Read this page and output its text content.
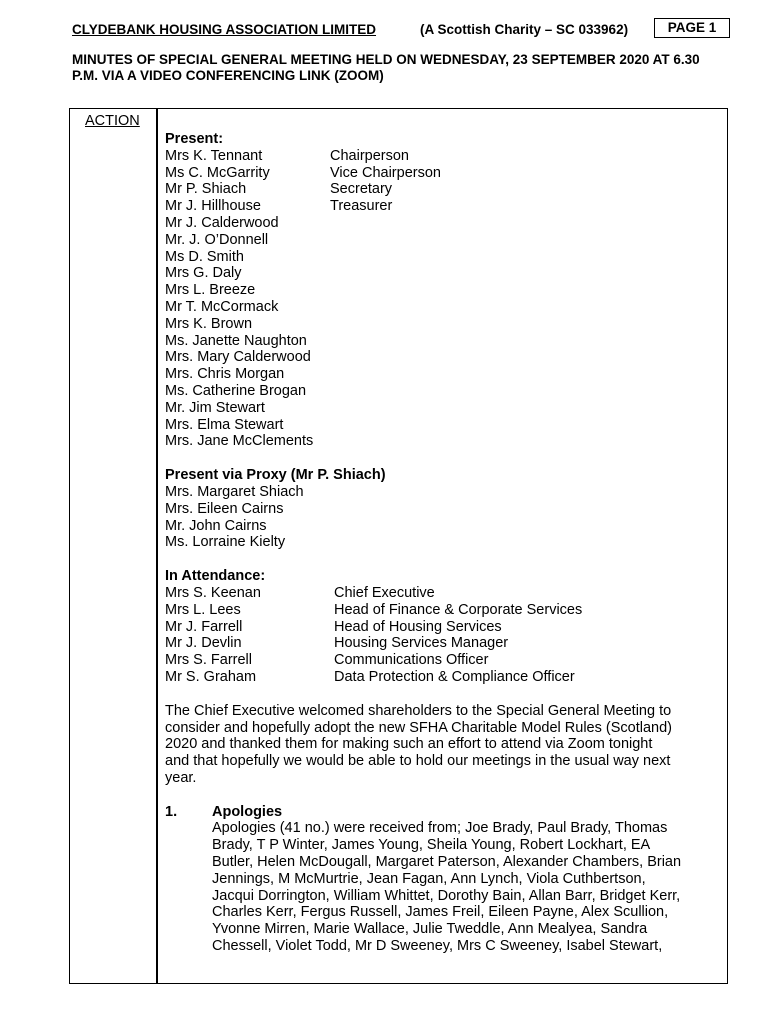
CLYDEBANK HOUSING ASSOCIATION LIMITED	(A Scottish Charity – SC 033962)	PAGE 1
MINUTES OF SPECIAL GENERAL MEETING HELD ON WEDNESDAY, 23 SEPTEMBER 2020 AT 6.30 P.M. VIA A VIDEO CONFERENCING LINK (ZOOM)
ACTION
Present:
Mrs K. Tennant	Chairperson
Ms C. McGarrity	Vice Chairperson
Mr P. Shiach	Secretary
Mr J. Hillhouse	Treasurer
Mr J. Calderwood
Mr. J. O’Donnell
Ms D. Smith
Mrs G. Daly
Mrs L. Breeze
Mr T. McCormack
Mrs K. Brown
Ms. Janette Naughton
Mrs. Mary Calderwood
Mrs. Chris Morgan
Ms. Catherine Brogan
Mr. Jim Stewart
Mrs. Elma Stewart
Mrs. Jane McClements
Present via Proxy (Mr P. Shiach)
Mrs. Margaret Shiach
Mrs. Eileen Cairns
Mr. John Cairns
Ms. Lorraine Kielty
In Attendance:
Mrs S. Keenan	Chief Executive
Mrs L. Lees	Head of Finance & Corporate Services
Mr J. Farrell	Head of Housing Services
Mr J. Devlin	Housing Services Manager
Mrs S. Farrell	Communications Officer
Mr S. Graham	Data Protection & Compliance Officer
The Chief Executive welcomed shareholders to the Special General Meeting to
consider and hopefully adopt the new SFHA Charitable Model Rules (Scotland)
2020 and thanked them for making such an effort to attend via Zoom tonight
and that hopefully we would be able to hold our meetings in the usual way next
year.
1.	Apologies
Apologies (41 no.) were received from; Joe Brady, Paul Brady, Thomas
Brady, T P Winter, James Young, Sheila Young, Robert Lockhart, EA
Butler, Helen McDougall, Margaret Paterson, Alexander Chambers, Brian
Jennings, M McMurtrie, Jean Fagan, Ann Lynch, Viola Cuthbertson,
Jacqui Dorrington, William Whittet, Dorothy Bain, Allan Barr, Bridget Kerr,
Charles Kerr, Fergus Russell, James Freil, Eileen Payne, Alex Scullion,
Yvonne Mirren, Marie Wallace, Julie Tweddle, Ann Mealyea, Sandra
Chessell, Violet Todd, Mr D Sweeney, Mrs C Sweeney, Isabel Stewart,
